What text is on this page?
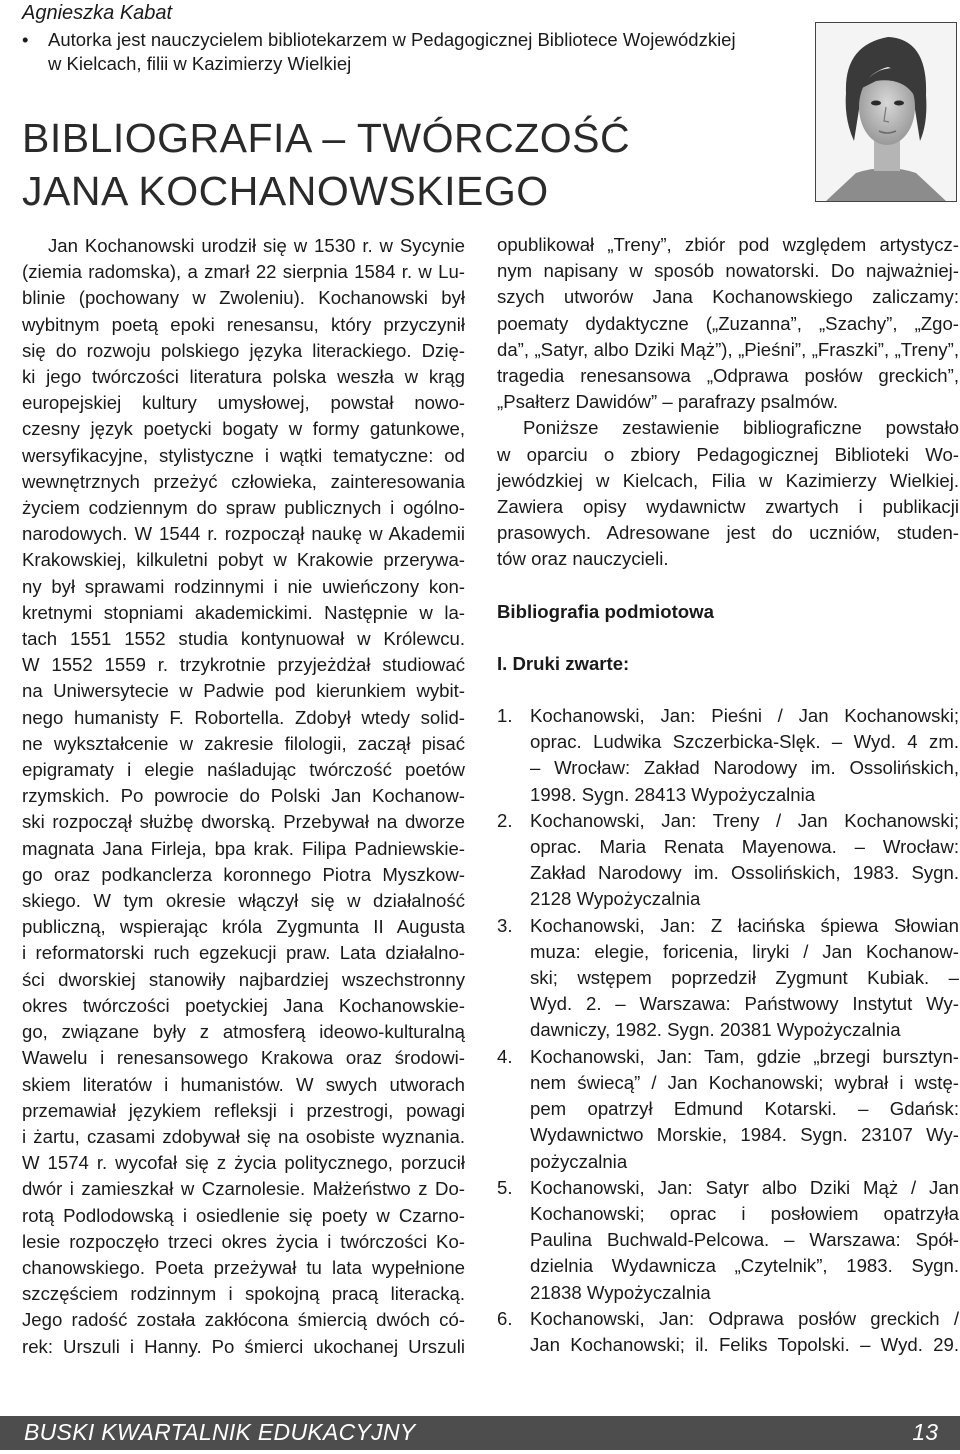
Agnieszka Kabat
•	Autorka jest nauczycielem bibliotekarzem w Pedagogicznej Bibliotece Wojewódzkiej
w Kielcach, filii w Kazimierzy Wielkiej
BIBLIOGRAFIA – TWÓRCZOŚĆ
JANA KOCHANOWSKIEGO

Jan Kochanowski urodził się w 1530 r. w Sycynie
(ziemia radomska), a zmarł 22 sierpnia 1584 r. w Lu-
blinie (pochowany w Zwoleniu). Kochanowski był
wybitnym poetą epoki renesansu, który przyczynił
się do rozwoju polskiego języka literackiego. Dzię-
ki jego twórczości literatura polska weszła w krąg
europejskiej kultury umysłowej, powstał nowo-
czesny język poetycki bogaty w formy gatunkowe,
wersyfikacyjne, stylistyczne i wątki tematyczne: od
wewnętrznych przeżyć człowieka, zainteresowania
życiem codziennym do spraw publicznych i ogólno-
narodowych. W 1544 r. rozpoczął naukę w Akademii
Krakowskiej, kilkuletni pobyt w Krakowie przerywa-
ny był sprawami rodzinnymi i nie uwieńczony kon-
kretnymi stopniami akademickimi. Następnie w la-
tach 1551 1552 studia kontynuował w Królewcu.
W 1552 1559 r. trzykrotnie przyjeżdżał studiować
na Uniwersytecie w Padwie pod kierunkiem wybit-
nego humanisty F. Robortella. Zdobył wtedy solid-
ne wykształcenie w zakresie filologii, zaczął pisać
epigramaty i elegie naśladując twórczość poetów
rzymskich. Po powrocie do Polski Jan Kochanow-
ski rozpoczął służbę dworską. Przebywał na dworze
magnata Jana Firleja, bpa krak. Filipa Padniewskie-
go oraz podkanclerza koronnego Piotra Myszkow-
skiego. W tym okresie włączył się w działalność
publiczną, wspierając króla Zygmunta II Augusta
i reformatorski ruch egzekucji praw. Lata działalno-
ści dworskiej stanowiły najbardziej wszechstronny
okres twórczości poetyckiej Jana Kochanowskie-
go, związane były z atmosferą ideowo-kulturalną
Wawelu i renesansowego Krakowa oraz środowi-
skiem literatów i humanistów. W swych utworach
przemawiał językiem refleksji i przestrogi, powagi
i żartu, czasami zdobywał się na osobiste wyznania.
W 1574 r. wycofał się z życia politycznego, porzucił
dwór i zamieszkał w Czarnolesie. Małżeństwo z Do-
rotą Podlodowską i osiedlenie się poety w Czarno-
lesie rozpoczęło trzeci okres życia i twórczości Ko-
chanowskiego. Poeta przeżywał tu lata wypełnione
szczęściem rodzinnym i spokojną pracą literacką.
Jego radość została zakłócona śmiercią dwóch có-
rek: Urszuli i Hanny. Po śmierci ukochanej Urszuli

opublikował „Treny”, zbiór pod względem artystycz-
nym napisany w sposób nowatorski. Do najważniej-
szych utworów Jana Kochanowskiego zaliczamy:
poematy dydaktyczne („Zuzanna”, „Szachy”, „Zgo-
da”, „Satyr, albo Dziki Mąż”), „Pieśni”, „Fraszki”, „Treny”,
tragedia renesansowa „Odprawa posłów greckich”,
„Psałterz Dawidów” – parafrazy psalmów.

Poniższe zestawienie bibliograficzne powstało
w oparciu o zbiory Pedagogicznej Biblioteki Wo-
jewódzkiej w Kielcach, Filia w Kazimierzy Wielkiej.
Zawiera opisy wydawnictw zwartych i publikacji
prasowych. Adresowane jest do uczniów, studen-
tów oraz nauczycieli.

Bibliografia podmiotowa

I. Druki zwarte:

1. Kochanowski, Jan: Pieśni / Jan Kochanowski;
oprac. Ludwika Szczerbicka-Slęk. – Wyd. 4 zm.
– Wrocław: Zakład Narodowy im. Ossolińskich,
1998. Sygn. 28413 Wypożyczalnia
2. Kochanowski, Jan: Treny / Jan Kochanowski;
oprac. Maria Renata Mayenowa. – Wrocław:
Zakład Narodowy im. Ossolińskich, 1983. Sygn.
2128 Wypożyczalnia
3. Kochanowski, Jan: Z łacińska śpiewa Słowian
muza: elegie, foricenia, liryki / Jan Kochanow-
ski; wstępem poprzedził Zygmunt Kubiak. –
Wyd. 2. – Warszawa: Państwowy Instytut Wy-
dawniczy, 1982. Sygn. 20381 Wypożyczalnia
4. Kochanowski, Jan: Tam, gdzie „brzegi bursztyn-
nem świecą” / Jan Kochanowski; wybrał i wstę-
pem opatrzył Edmund Kotarski. – Gdańsk:
Wydawnictwo Morskie, 1984. Sygn. 23107 Wy-
pożyczalnia
5. Kochanowski, Jan: Satyr albo Dziki Mąż / Jan
Kochanowski; oprac i posłowiem opatrzyła
Paulina Buchwald-Pelcowa. – Warszawa: Spół-
dzielnia Wydawnicza „Czytelnik”, 1983. Sygn.
21838 Wypożyczalnia
6. Kochanowski, Jan: Odprawa posłów greckich /
Jan Kochanowski; il. Feliks Topolski. – Wyd. 29.
BUSKI KWARTALNIK EDUKACYJNY	13
